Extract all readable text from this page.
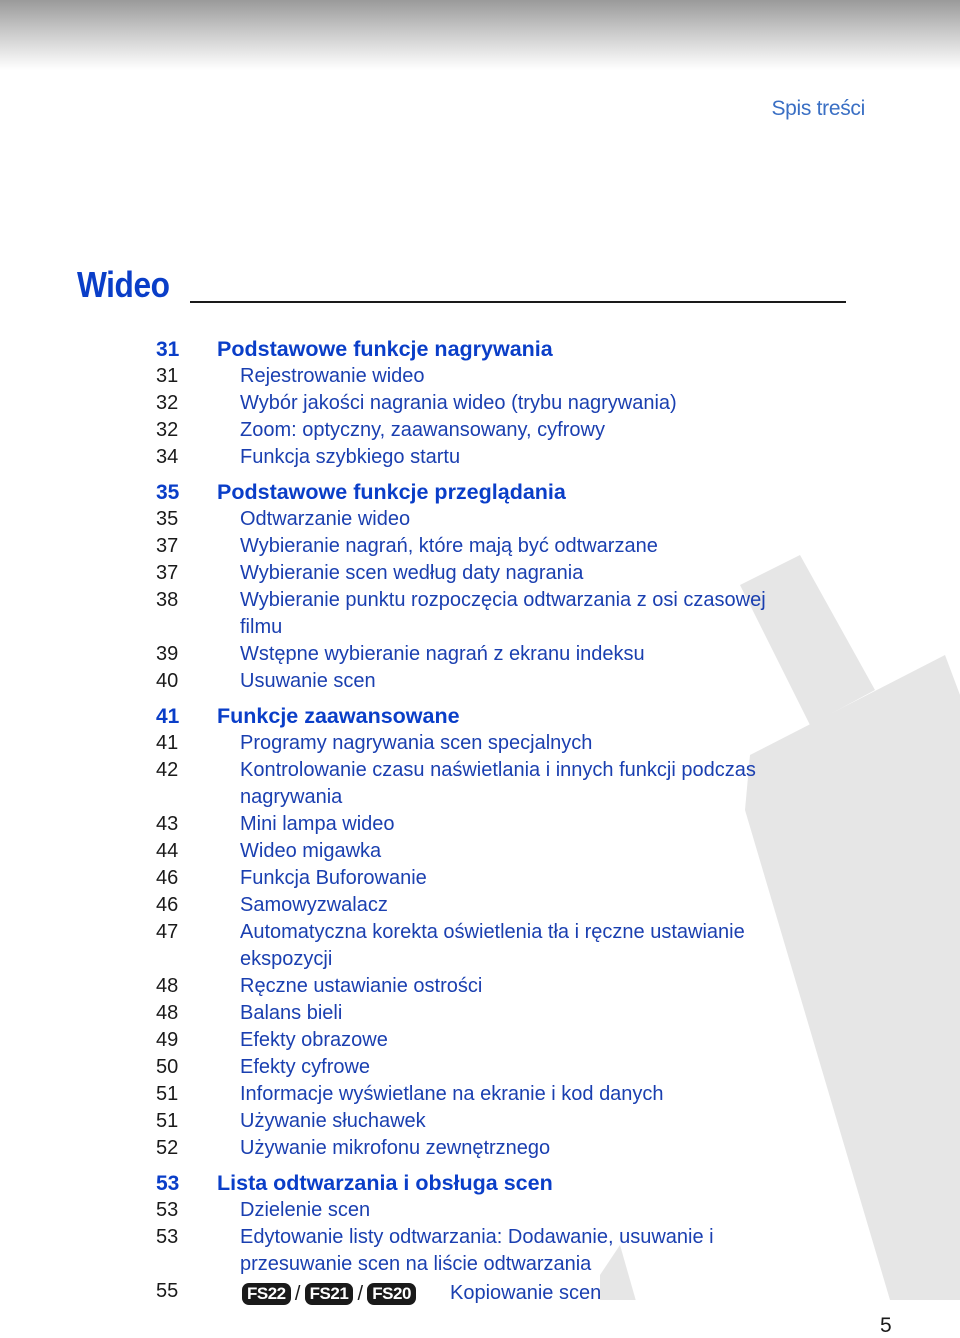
Spis treści
Wideo
31	Podstawowe funkcje nagrywania
31	Rejestrowanie wideo
32	Wybór jakości nagrania wideo (trybu nagrywania)
32	Zoom: optyczny, zaawansowany, cyfrowy
34	Funkcja szybkiego startu
35	Podstawowe funkcje przeglądania
35	Odtwarzanie wideo
37	Wybieranie nagrań, które mają być odtwarzane
37	Wybieranie scen według daty nagrania
38	Wybieranie punktu rozpoczęcia odtwarzania z osi czasowej
filmu
39	Wstępne wybieranie nagrań z ekranu indeksu
40	Usuwanie scen
41	Funkcje zaawansowane
41	Programy nagrywania scen specjalnych
42	Kontrolowanie czasu naświetlania i innych funkcji podczas
nagrywania
43	Mini lampa wideo
44	Wideo migawka
46	Funkcja Buforowanie
46	Samowyzwalacz
47	Automatyczna korekta oświetlenia tła i ręczne ustawianie
ekspozycji
48	Ręczne ustawianie ostrości
48	Balans bieli
49	Efekty obrazowe
50	Efekty cyfrowe
51	Informacje wyświetlane na ekranie i kod danych
51	Używanie słuchawek
52	Używanie mikrofonu zewnętrznego
53	Lista odtwarzania i obsługa scen
53	Dzielenie scen
53	Edytowanie listy odtwarzania: Dodawanie, usuwanie i
przesuwanie scen na liście odtwarzania
55	FS22 / FS21 / FS20 Kopiowanie scen
5
